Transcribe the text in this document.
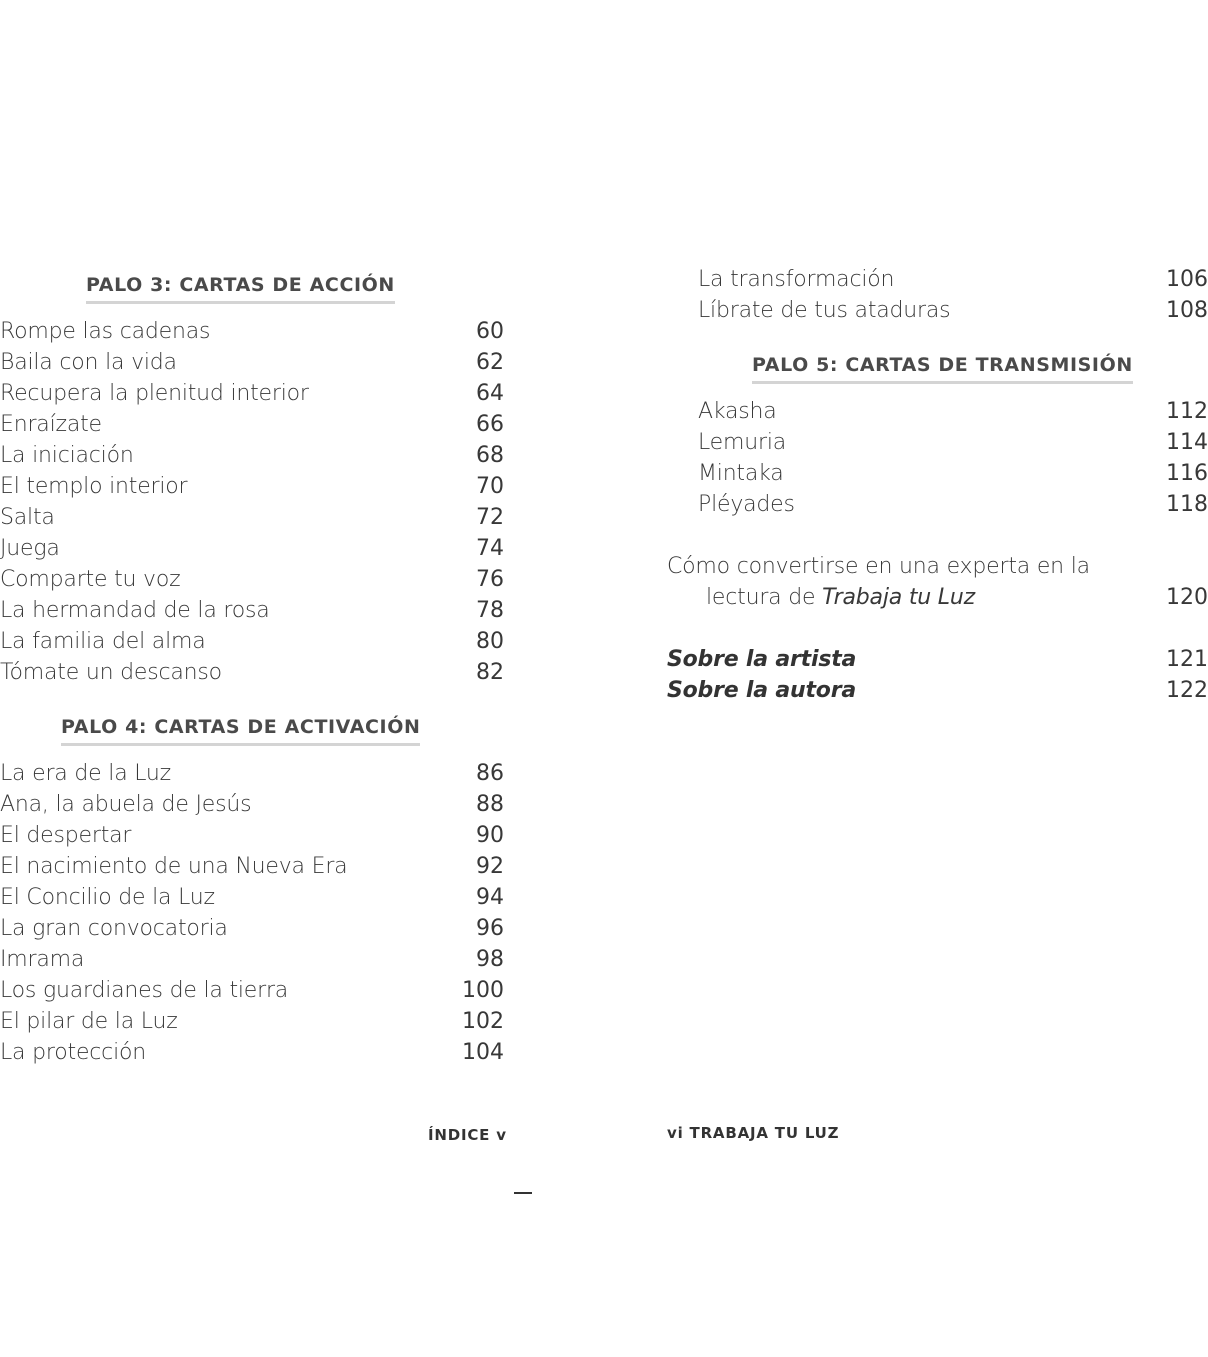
PALO 3: CARTAS DE ACCIÓN
Rompe las cadenas	60
Baila con la vida	62
Recupera la plenitud interior	64
Enraízate	66
La iniciación	68
El templo interior	70
Salta	72
Juega	74
Comparte tu voz	76
La hermandad de la rosa	78
La familia del alma	80
Tómate un descanso	82
PALO 4: CARTAS DE ACTIVACIÓN
La era de la Luz	86
Ana, la abuela de Jesús	88
El despertar	90
El nacimiento de una Nueva Era	92
El Concilio de la Luz	94
La gran convocatoria	96
Imrama	98
Los guardianes de la tierra	100
El pilar de la Luz	102
La protección	104
ÍNDICE v
La transformación	106
Líbrate de tus ataduras	108
PALO 5: CARTAS DE TRANSMISIÓN
Akasha	112
Lemuria	114
Mintaka	116
Pléyades	118
Cómo convertirse en una experta en la
lectura de Trabaja tu Luz	120
Sobre la artista	121
Sobre la autora	122
vi TRABAJA TU LUZ
